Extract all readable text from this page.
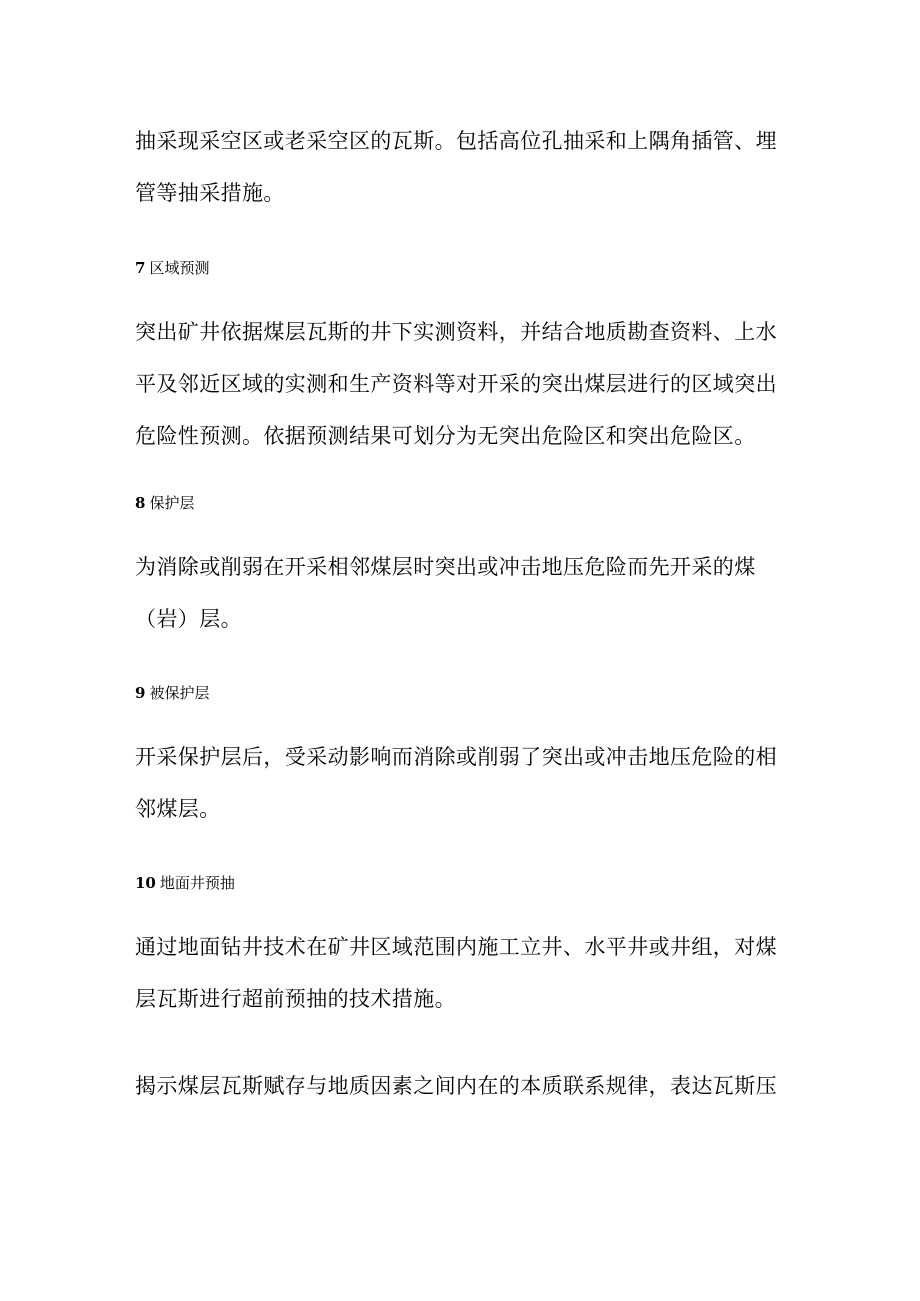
抽采现采空区或老采空区的瓦斯。包括高位孔抽采和上隅角插管、埋管等抽采措施。

7 区域预测

突出矿井依据煤层瓦斯的井下实测资料，并结合地质勘查资料、上水平及邻近区域的实测和生产资料等对开采的突出煤层进行的区域突出危险性预测。依据预测结果可划分为无突出危险区和突出危险区。

8 保护层

为消除或削弱在开采相邻煤层时突出或冲击地压危险而先开采的煤（岩）层。

9 被保护层

开采保护层后，受采动影响而消除或削弱了突出或冲击地压危险的相邻煤层。

10 地面井预抽

通过地面钻井技术在矿井区域范围内施工立井、水平井或井组，对煤层瓦斯进行超前预抽的技术措施。

揭示煤层瓦斯赋存与地质因素之间内在的本质联系规律，表达瓦斯压
